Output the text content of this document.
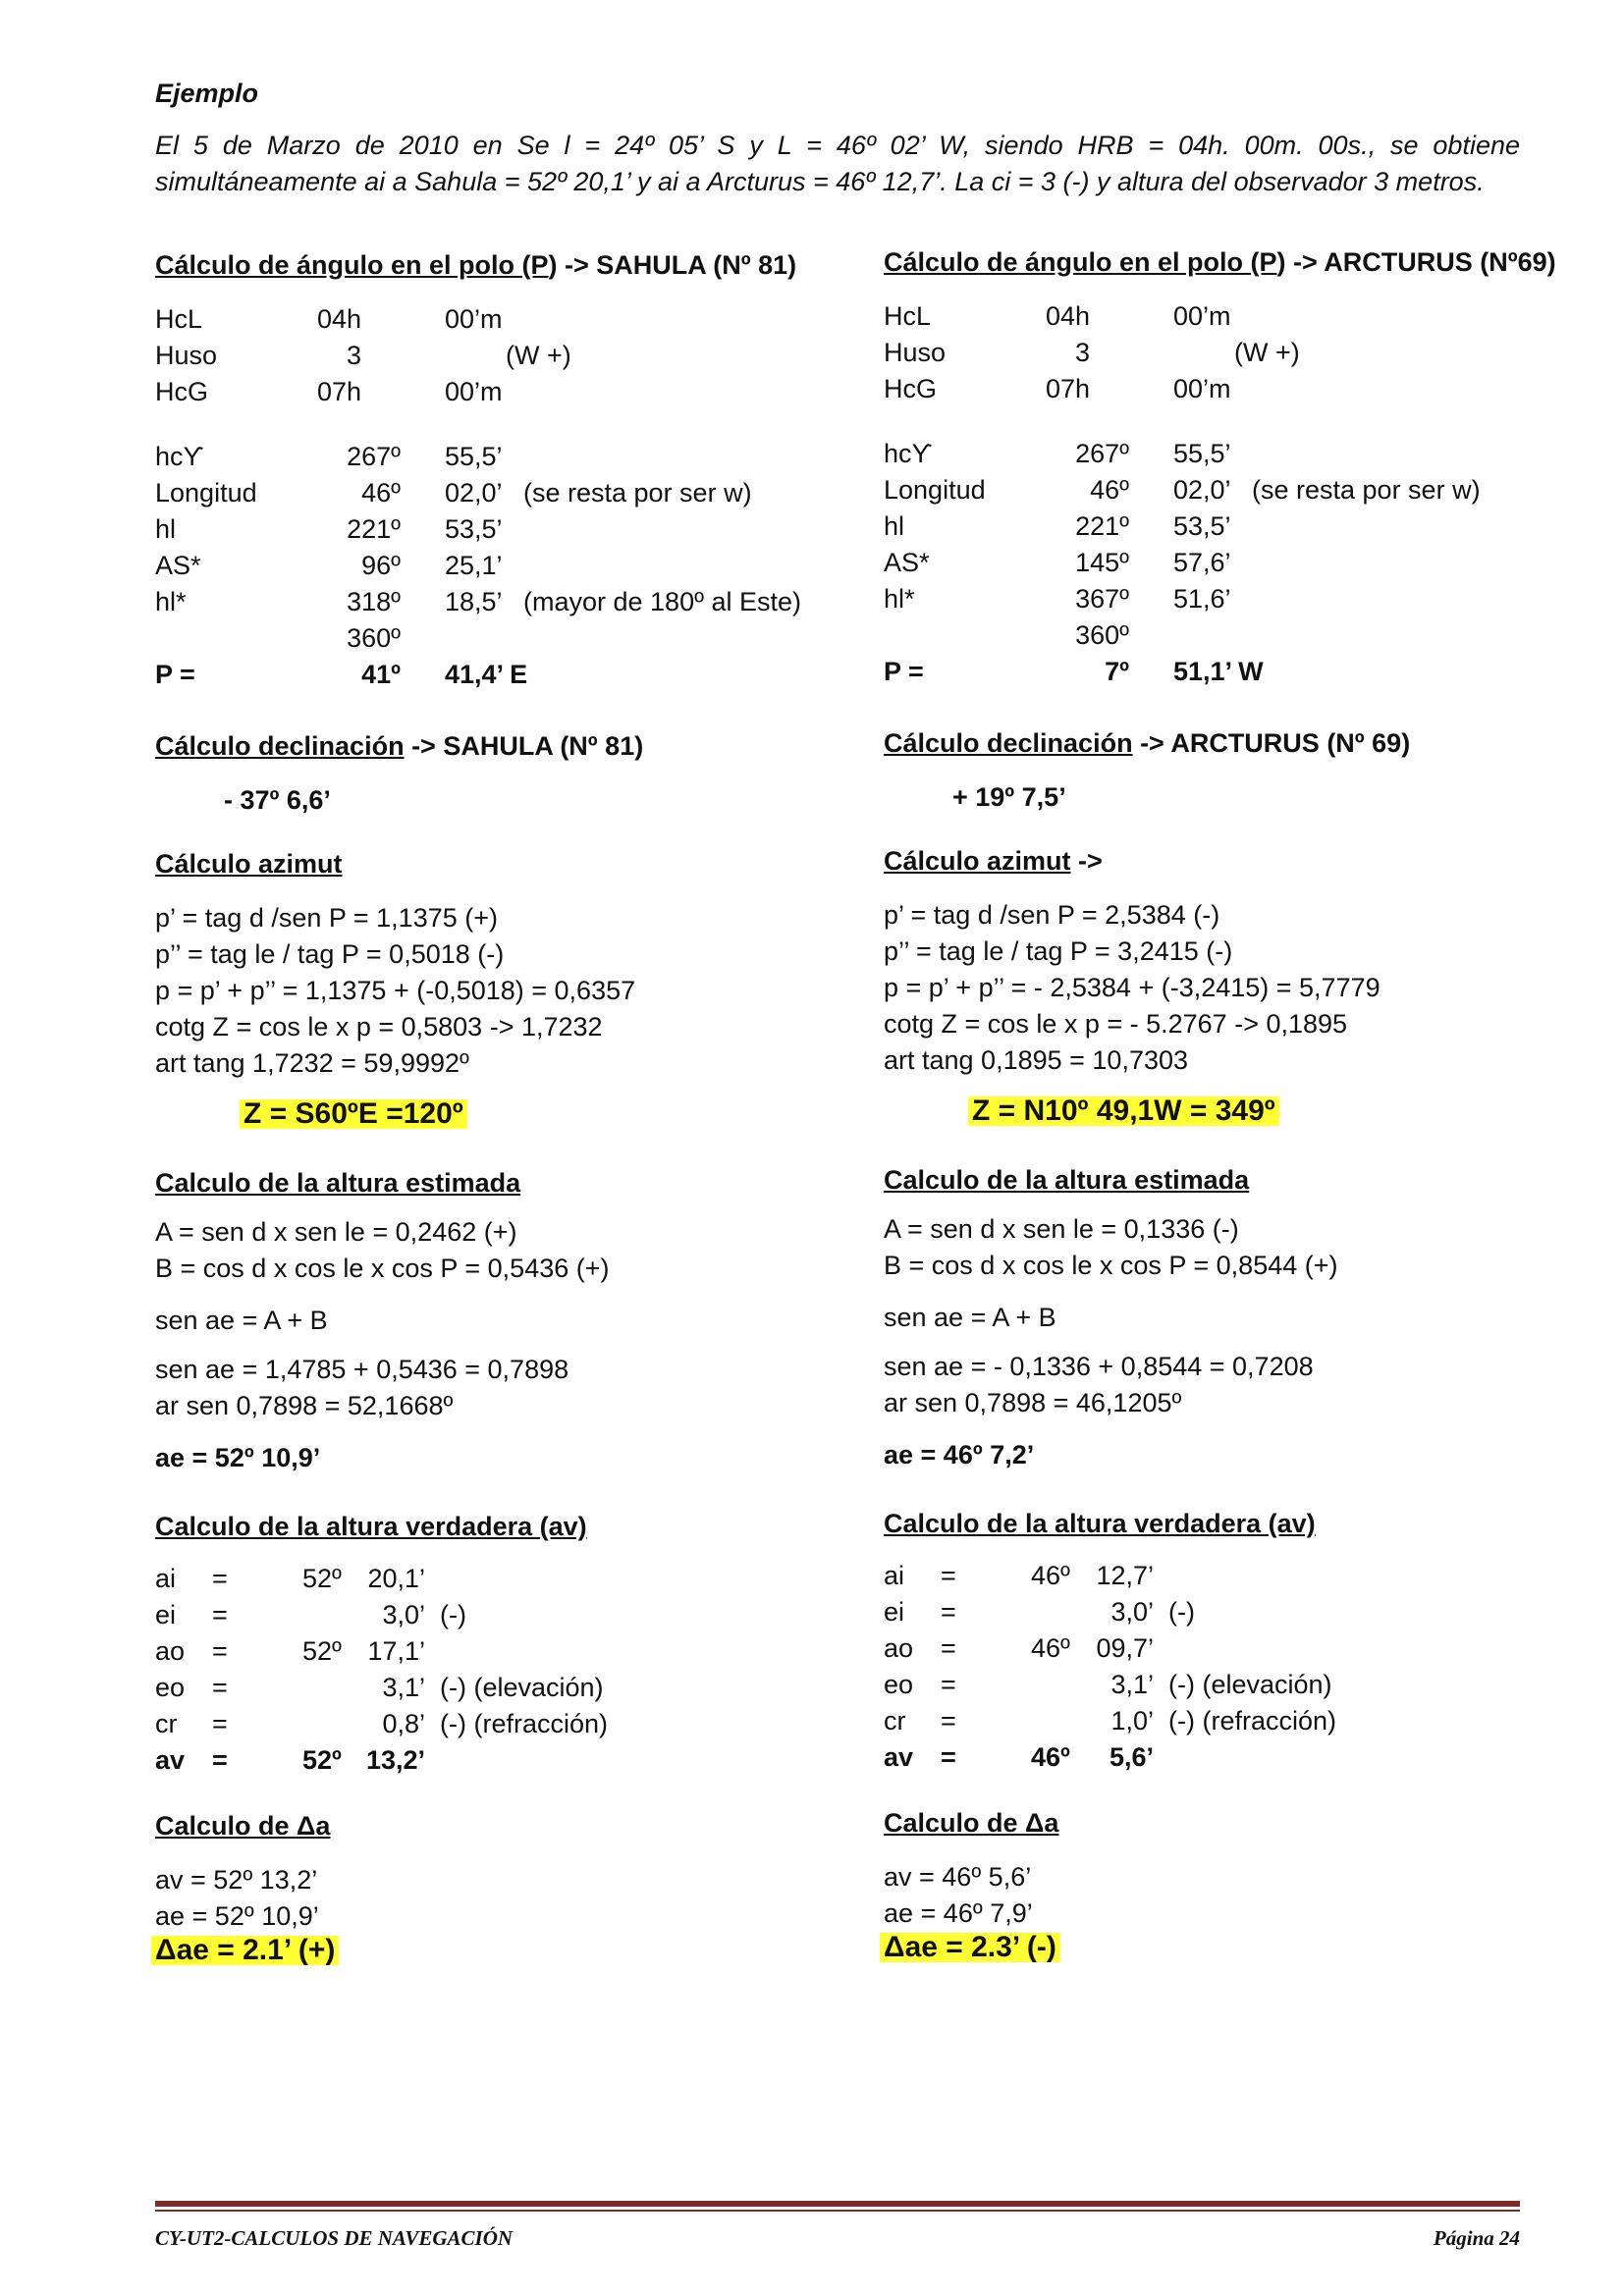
Ejemplo
El 5 de Marzo de 2010 en Se l = 24º 05’ S y L = 46º 02’ W, siendo HRB = 04h. 00m. 00s., se obtiene simultáneamente ai a Sahula = 52º 20,1’ y ai a Arcturus = 46º 12,7’. La ci = 3 (-) y altura del observador 3 metros.
Cálculo de ángulo en el polo (P) -> SAHULA (Nº 81)
HcL	04h	00’m
Huso	3	(W +)
HcG	07h	00’m
hcϒ	267º 55,5’
Longitud	46º 02,0’ (se resta por ser w)
hl	221º 53,5’
AS*	96º 25,1’
hl*	318º 18,5’ (mayor de 180º al Este)
360º
P =	41º 41,4’ E
Cálculo declinación -> SAHULA (Nº 81)
- 37º 6,6’
Cálculo azimut
p’ = tag d /sen P = 1,1375 (+)
p’’ = tag le / tag P = 0,5018 (-)
p = p’ + p’’ = 1,1375 + (-0,5018) = 0,6357
cotg Z = cos le x p = 0,5803 -> 1,7232
art tang 1,7232 = 59,9992º
Z = S60ºE =120º
Calculo de la altura estimada
A = sen d x sen le = 0,2462 (+)
B = cos d x cos le x cos P = 0,5436 (+)
sen ae = A + B
sen ae = 1,4785 + 0,5436 = 0,7898
ar sen 0,7898 = 52,1668º
ae = 52º 10,9’
Calculo de la altura verdadera (av)
ai =	52º 20,1’
ei =	3,0’ (-)
ao =	52º 17,1’
eo =	3,1’ (-) (elevación)
cr =	0,8’ (-) (refracción)
av =	52º 13,2’
Calculo de Δa
av = 52º 13,2’
ae = 52º 10,9’
Δae = 2.1’ (+)
Cálculo de ángulo en el polo (P) -> ARCTURUS (Nº69)
HcL	04h	00’m
Huso	3	(W +)
HcG	07h	00’m
hcϒ	267º 55,5’
Longitud	46º 02,0’ (se resta por ser w)
hl	221º 53,5’
AS*	145º 57,6’
hl*	367º 51,6’
360º
P =	7º 51,1’ W
Cálculo declinación -> ARCTURUS (Nº 69)
+ 19º 7,5’
Cálculo azimut ->
p’ = tag d /sen P = 2,5384 (-)
p’’ = tag le / tag P = 3,2415 (-)
p = p’ + p’’ = - 2,5384 + (-3,2415) = 5,7779
cotg Z = cos le x p = - 5.2767 -> 0,1895
art tang 0,1895 = 10,7303
Z = N10º 49,1W = 349º
Calculo de la altura estimada
A = sen d x sen le = 0,1336 (-)
B = cos d x cos le x cos P = 0,8544 (+)
sen ae = A + B
sen ae = - 0,1336 + 0,8544 = 0,7208
ar sen 0,7898 = 46,1205º
ae = 46º 7,2’
Calculo de la altura verdadera (av)
ai =	46º 12,7’
ei =	3,0’ (-)
ao =	46º 09,7’
eo =	3,1’ (-) (elevación)
cr =	1,0’ (-) (refracción)
av =	46º	5,6’
Calculo de Δa
av = 46º 5,6’
ae = 46º 7,9’
Δae = 2.3’ (-)
CY-UT2-CALCULOS DE NAVEGACIÓN	Página 24
